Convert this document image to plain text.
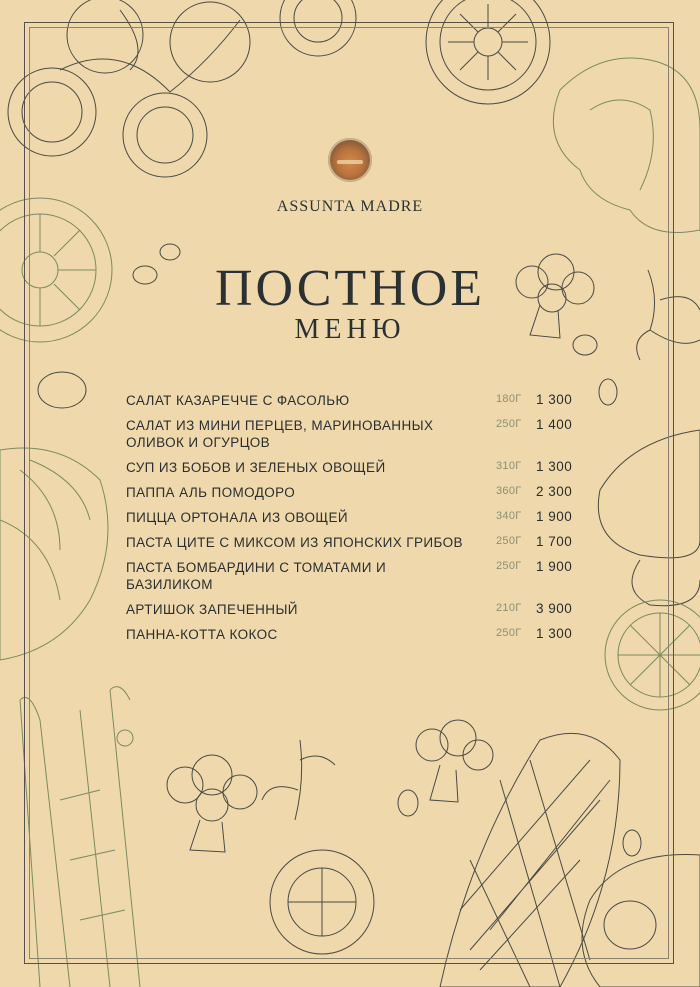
ASSUNTA MADRE
ПОСТНОЕ
МЕНЮ
САЛАТ КАЗАРЕЧЧЕ С ФАСОЛЬЮ	180Г 1 300
САЛАТ ИЗ МИНИ ПЕРЦЕВ, МАРИНОВАННЫХ ОЛИВОК И ОГУРЦОВ
250Г 1 400
СУП ИЗ БОБОВ И ЗЕЛЕНЫХ ОВОЩЕЙ	310Г 1 300
ПАППА АЛЬ ПОМОДОРО	360Г 2 300
ПИЦЦА ОРТОНАЛА ИЗ ОВОЩЕЙ	340Г 1 900
ПАСТА ЦИТЕ С МИКСОМ ИЗ ЯПОНСКИХ ГРИБОВ	250Г 1 700
ПАСТА БОМБАРДИНИ С ТОМАТАМИ И БАЗИЛИКОМ
250Г 1 900
АРТИШОК ЗАПЕЧЕННЫЙ	210Г 3 900
ПАННА-КОТТА КОКОС	250Г 1 300
